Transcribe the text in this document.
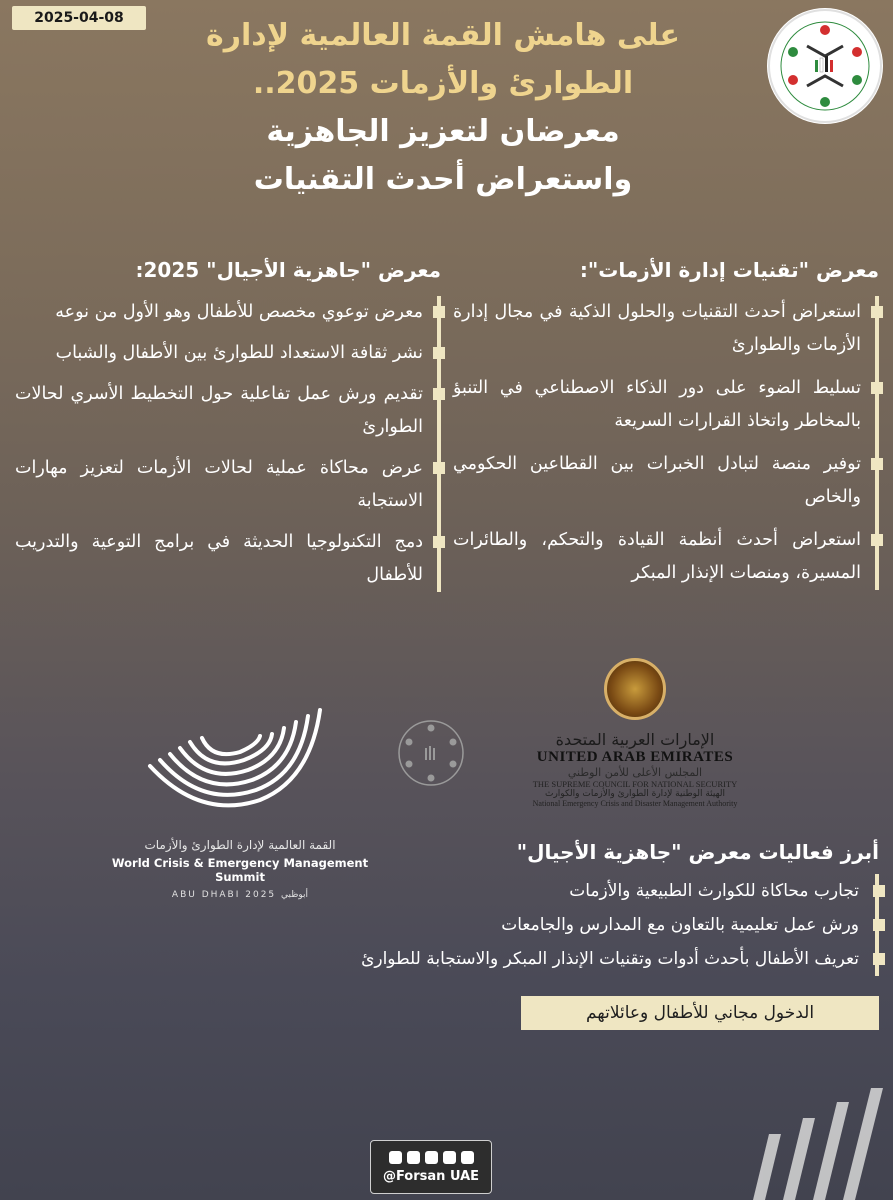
2025-04-08	على هامش القمة العالمية لإدارة
الطوارئ والأزمات 2025..
معرضان لتعزيز الجاهزية
واستعراض أحدث التقنيات
معرض "تقنيات إدارة الأزمات":
استعراض أحدث التقنيات والحلول الذكية في مجال إدارة الأزمات والطوارئ
تسليط الضوء على دور الذكاء الاصطناعي في التنبؤ بالمخاطر واتخاذ القرارات السريعة
توفير منصة لتبادل الخبرات بين القطاعين الحكومي والخاص
استعراض أحدث أنظمة القيادة والتحكم، والطائرات المسيرة، ومنصات الإنذار المبكر
معرض "جاهزية الأجيال" 2025:
معرض توعوي مخصص للأطفال وهو الأول من نوعه
نشر ثقافة الاستعداد للطوارئ بين الأطفال والشباب
تقديم ورش عمل تفاعلية حول التخطيط الأسري لحالات الطوارئ
عرض محاكاة عملية لحالات الأزمات لتعزيز مهارات الاستجابة
دمج التكنولوجيا الحديثة في برامج التوعية والتدريب للأطفال
القمة العالمية لإدارة الطوارئ والأزمات
World Crisis & Emergency Management Summit
ABU DHABI 2025 أبوظبي
الإمارات العربية المتحدة
UNITED ARAB EMIRATES
المجلس الأعلى للأمن الوطني
THE SUPREME COUNCIL FOR NATIONAL SECURITY
الهيئة الوطنية لإدارة الطوارئ والأزمات والكوارث
National Emergency Crisis and Disaster Management Authority
أبرز فعاليات معرض "جاهزية الأجيال"
تجارب محاكاة للكوارث الطبيعية والأزمات
ورش عمل تعليمية بالتعاون مع المدارس والجامعات
تعريف الأطفال بأحدث أدوات وتقنيات الإنذار المبكر والاستجابة للطوارئ
الدخول مجاني للأطفال وعائلاتهم
@Forsan UAE
